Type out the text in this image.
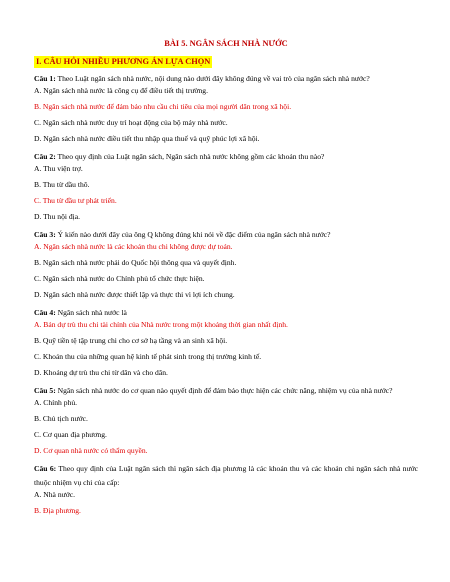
BÀI 5. NGÂN SÁCH NHÀ NƯỚC
I. CÂU HỎI NHIỀU PHƯƠNG ÁN LỰA CHỌN

Câu 1: Theo Luật ngân sách nhà nước, nội dung nào dưới đây không đúng về vai trò của ngân sách nhà nước?

A. Ngân sách nhà nước là công cụ để điều tiết thị trường.

B. Ngân sách nhà nước để đảm bảo nhu cầu chi tiêu của mọi người dân trong xã hội.

C. Ngân sách nhà nước duy trì hoạt động của bộ máy nhà nước.

D. Ngân sách nhà nước điều tiết thu nhập qua thuế và quỹ phúc lợi xã hội.

Câu 2: Theo quy định của Luật ngân sách, Ngân sách nhà nước không gồm các khoản thu nào?

A. Thu viện trợ.

B. Thu từ dầu thô.

C. Thu từ đầu tư phát triển.

D. Thu nội địa.

Câu 3: Ý kiến nào dưới đây của ông Q không đúng khi nói về đặc điểm của ngân sách nhà nước?

A. Ngân sách nhà nước là các khoản thu chi không được dự toán.

B. Ngân sách nhà nước phải do Quốc hội thông qua và quyết định.

C. Ngân sách nhà nước do Chính phủ tổ chức thực hiện.

D. Ngân sách nhà nước được thiết lập và thực thi vì lợi ích chung.

Câu 4: Ngân sách nhà nước là

A. Bản dự trù thu chi tài chính của Nhà nước trong một khoảng thời gian nhất định.

B. Quỹ tiền tệ tập trung chi cho cơ sở hạ tầng và an sinh xã hội.

C. Khoản thu của những quan hệ kinh tế phát sinh trong thị trường kinh tế.

D. Khoảng dự trù thu chi từ dân và cho dân.

Câu 5: Ngân sách nhà nước do cơ quan nào quyết định để đảm bảo thực hiện các chức năng, nhiệm vụ của nhà nước?

A. Chính phủ.

B. Chủ tịch nước.

C. Cơ quan địa phương.

D. Cơ quan nhà nước có thẩm quyền.

Câu 6: Theo quy định của Luật ngân sách thì ngân sách địa phương là các khoản thu và các khoản chi ngân sách nhà nước thuộc nhiệm vụ chi của cấp:

A. Nhà nước.

B. Địa phương.
